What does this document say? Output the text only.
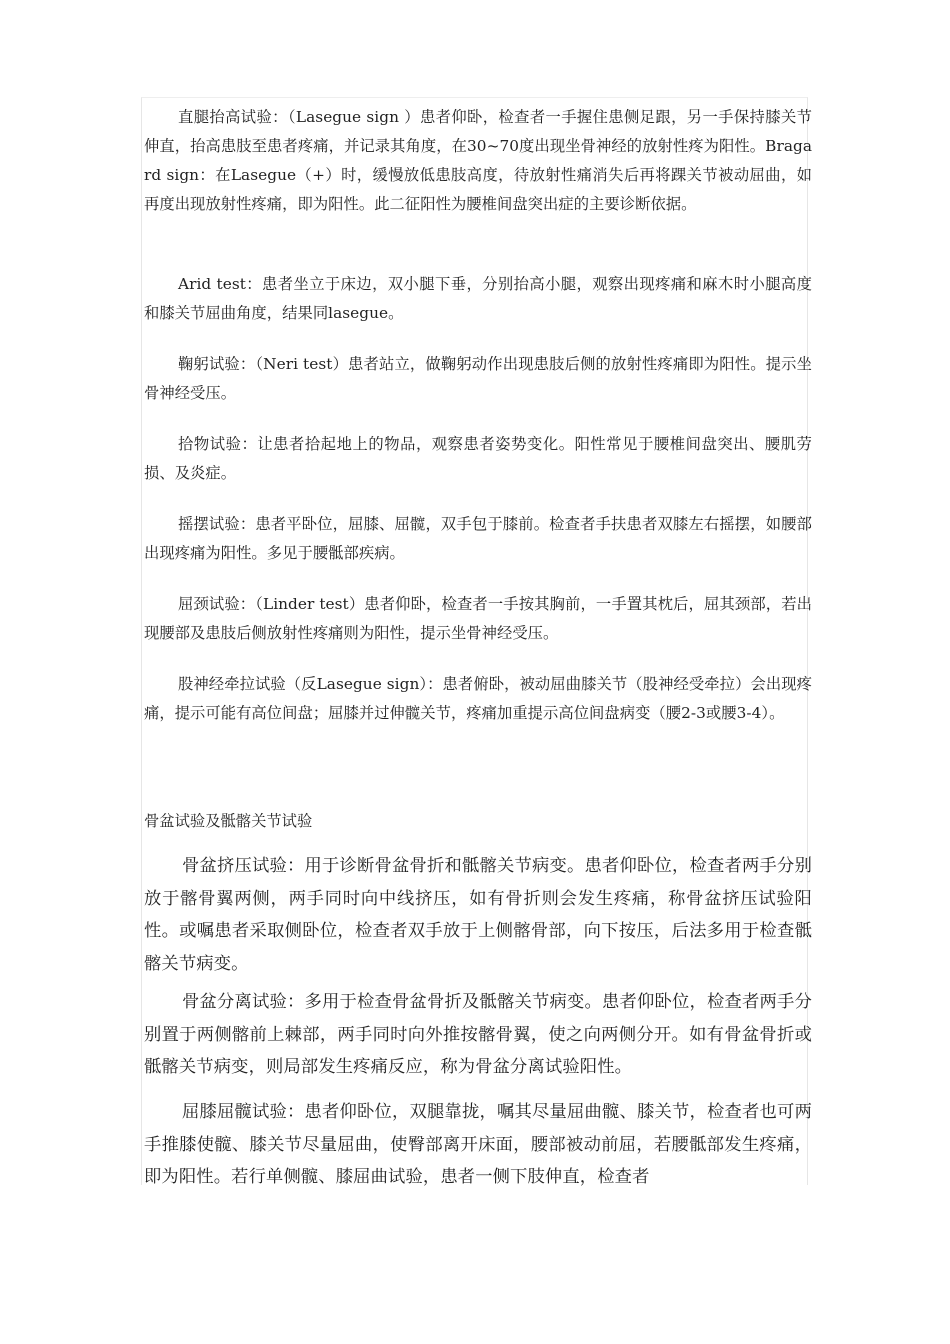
直腿抬高试验：（Lasegue sign ）患者仰卧，检查者一手握住患侧足跟，另一手保持膝关节伸直，抬高患肢至患者疼痛，并记录其角度，在30~70度出现坐骨神经的放射性疼为阳性。Bragard sign：在Lasegue（+）时，缓慢放低患肢高度，待放射性痛消失后再将踝关节被动屈曲，如再度出现放射性疼痛，即为阳性。此二征阳性为腰椎间盘突出症的主要诊断依据。

Arid test：患者坐立于床边，双小腿下垂，分别抬高小腿，观察出现疼痛和麻木时小腿高度和膝关节屈曲角度，结果同lasegue。

鞠躬试验：（Neri test）患者站立，做鞠躬动作出现患肢后侧的放射性疼痛即为阳性。提示坐骨神经受压。

拾物试验：让患者拾起地上的物品，观察患者姿势变化。阳性常见于腰椎间盘突出、腰肌劳损、及炎症。

摇摆试验：患者平卧位，屈膝、屈髋，双手包于膝前。检查者手扶患者双膝左右摇摆，如腰部出现疼痛为阳性。多见于腰骶部疾病。

屈颈试验：（Linder test）患者仰卧，检查者一手按其胸前，一手置其枕后，屈其颈部，若出现腰部及患肢后侧放射性疼痛则为阳性，提示坐骨神经受压。

股神经牵拉试验（反Lasegue sign）：患者俯卧，被动屈曲膝关节（股神经受牵拉）会出现疼痛，提示可能有高位间盘；屈膝并过伸髋关节，疼痛加重提示高位间盘病变（腰2-3或腰3-4）。

骨盆试验及骶髂关节试验

骨盆挤压试验：用于诊断骨盆骨折和骶髂关节病变。患者仰卧位，检查者两手分别放于髂骨翼两侧，两手同时向中线挤压，如有骨折则会发生疼痛，称骨盆挤压试验阳性。或嘱患者采取侧卧位，检查者双手放于上侧髂骨部，向下按压，后法多用于检查骶髂关节病变。

骨盆分离试验：多用于检查骨盆骨折及骶髂关节病变。患者仰卧位，检查者两手分别置于两侧髂前上棘部，两手同时向外推按髂骨翼，使之向两侧分开。如有骨盆骨折或骶髂关节病变，则局部发生疼痛反应，称为骨盆分离试验阳性。

屈膝屈髋试验：患者仰卧位，双腿靠拢，嘱其尽量屈曲髋、膝关节，检查者也可两手推膝使髋、膝关节尽量屈曲，使臀部离开床面，腰部被动前屈，若腰骶部发生疼痛，即为阳性。若行单侧髋、膝屈曲试验，患者一侧下肢伸直，检查者
